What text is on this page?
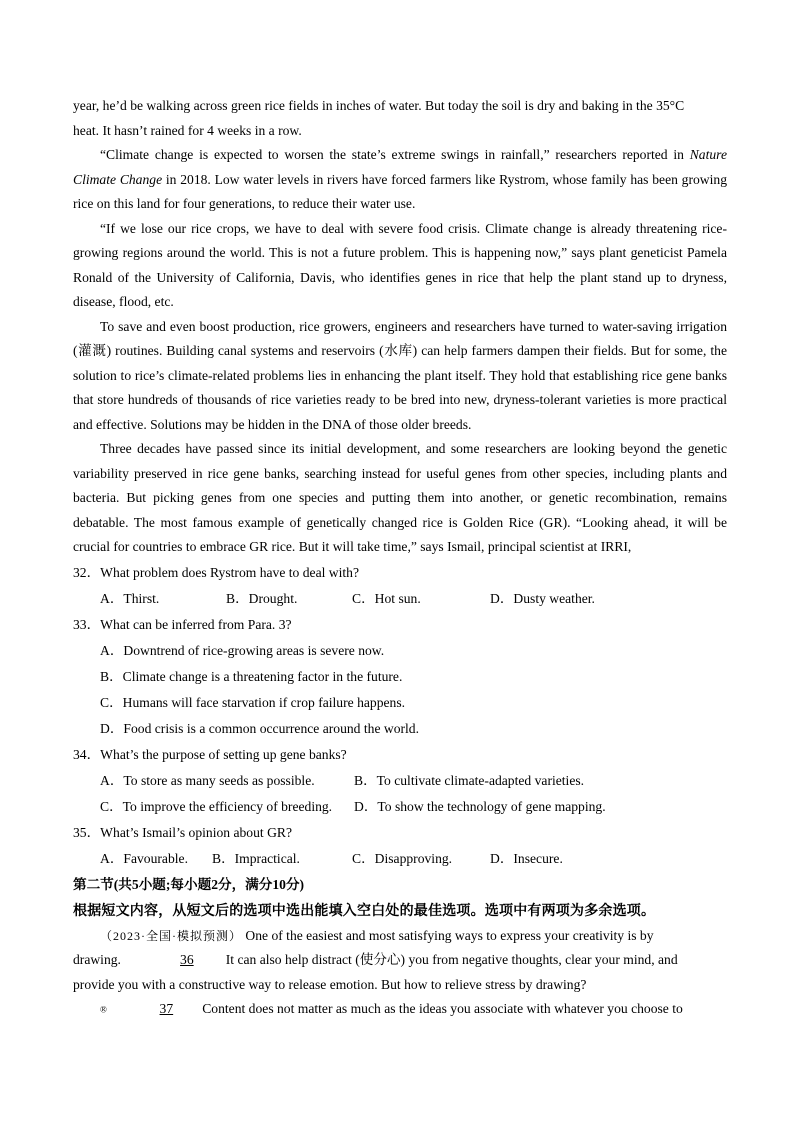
year, he’d be walking across green rice fields in inches of water. But today the soil is dry and baking in the 35°C
heat. It hasn’t rained for 4 weeks in a row.

“Climate change is expected to worsen the state’s extreme swings in rainfall,” researchers reported in Nature Climate Change in 2018. Low water levels in rivers have forced farmers like Rystrom, whose family has been growing rice on this land for four generations, to reduce their water use.

“If we lose our rice crops, we have to deal with severe food crisis. Climate change is already threatening rice-growing regions around the world. This is not a future problem. This is happening now,” says plant geneticist Pamela Ronald of the University of California, Davis, who identifies genes in rice that help the plant stand up to dryness, disease, flood, etc.

To save and even boost production, rice growers, engineers and researchers have turned to water-saving irrigation (灌溉) routines. Building canal systems and reservoirs (水库) can help farmers dampen their fields. But for some, the solution to rice’s climate-related problems lies in enhancing the plant itself. They hold that establishing rice gene banks that store hundreds of thousands of rice varieties ready to be bred into new, dryness-tolerant varieties is more practical and effective. Solutions may be hidden in the DNA of those older breeds.

Three decades have passed since its initial development, and some researchers are looking beyond the genetic variability preserved in rice gene banks, searching instead for useful genes from other species, including plants and bacteria. But picking genes from one species and putting them into another, or genetic recombination, remains debatable. The most famous example of genetically changed rice is Golden Rice (GR). “Looking ahead, it will be crucial for countries to embrace GR rice. But it will take time,” says Ismail, principal scientist at IRRI,

32．What problem does Rystrom have to deal with?
A．Thirst.	B．Drought.	C．Hot sun.	D．Dusty weather.
33．What can be inferred from Para. 3?
A．Downtrend of rice-growing areas is severe now.
B．Climate change is a threatening factor in the future.
C．Humans will face starvation if crop failure happens.
D．Food crisis is a common occurrence around the world.
34．What’s the purpose of setting up gene banks?
A．To store as many seeds as possible.	B．To cultivate climate-adapted varieties.
C．To improve the efficiency of breeding.	D．To show the technology of gene mapping.
35．What’s Ismail’s opinion about GR?
A．Favourable.	B．Impractical.	C．Disapproving.	D．Insecure.
第二节(共5小题;每小题2分，满分10分)
根据短文内容，从短文后的选项中选出能填入空白处的最佳选项。选项中有两项为多余选项。

（2023·全国·模拟预测） One of the easiest and most satisfying ways to express your creativity is by
drawing.	36 It can also help distract (使分心) you from negative thoughts, clear your mind, and
provide you with a constructive way to release emotion. But how to relieve stress by drawing?

®	37 Content does not matter as much as the ideas you associate with whatever you choose to
